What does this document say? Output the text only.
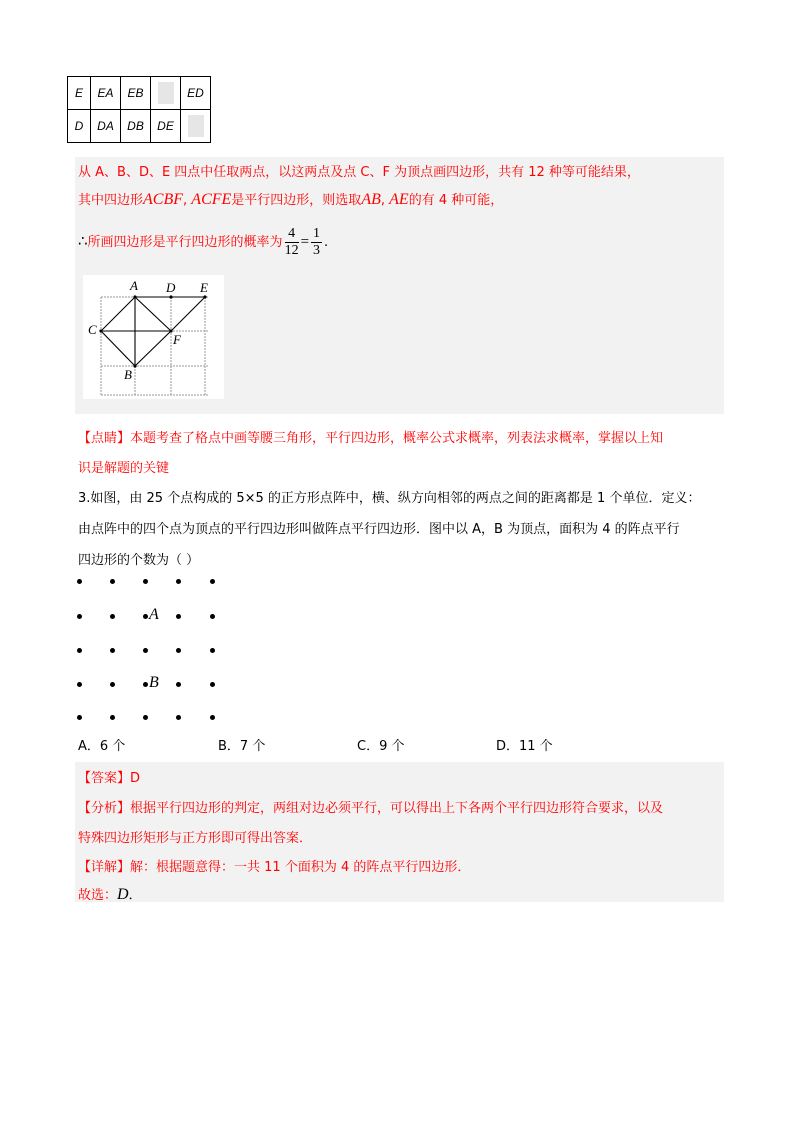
E	EA	EB		ED
D	DA	DB	DE	
从 A、B、D、E 四点中任取两点，以这两点及点 C、F 为顶点画四边形，共有 12 种等可能结果，
其中四边形ACBF, ACFE是平行四边形，则选取AB, AE的有 4 种可能，
∴所画四边形是平行四边形的概率为 $\frac{4}{12} = \frac{1}{3}$ .
A D E
C
F
B
【点睛】本题考查了格点中画等腰三角形，平行四边形，概率公式求概率，列表法求概率，掌握以上知
识是解题的关键
3.如图，由 25 个点构成的 5×5 的正方形点阵中，横、纵方向相邻的两点之间的距离都是 1 个单位．定义：
由点阵中的四个点为顶点的平行四边形叫做阵点平行四边形．图中以 A，B 为顶点，面积为 4 的阵点平行
四边形的个数为（ ）
A
B
A．6 个	B．7 个	C．9 个	D．11 个
【答案】D
【分析】根据平行四边形的判定，两组对边必须平行，可以得出上下各两个平行四边形符合要求，以及
特殊四边形矩形与正方形即可得出答案．
【详解】解：根据题意得：一共 11 个面积为 4 的阵点平行四边形．
故选：D．
